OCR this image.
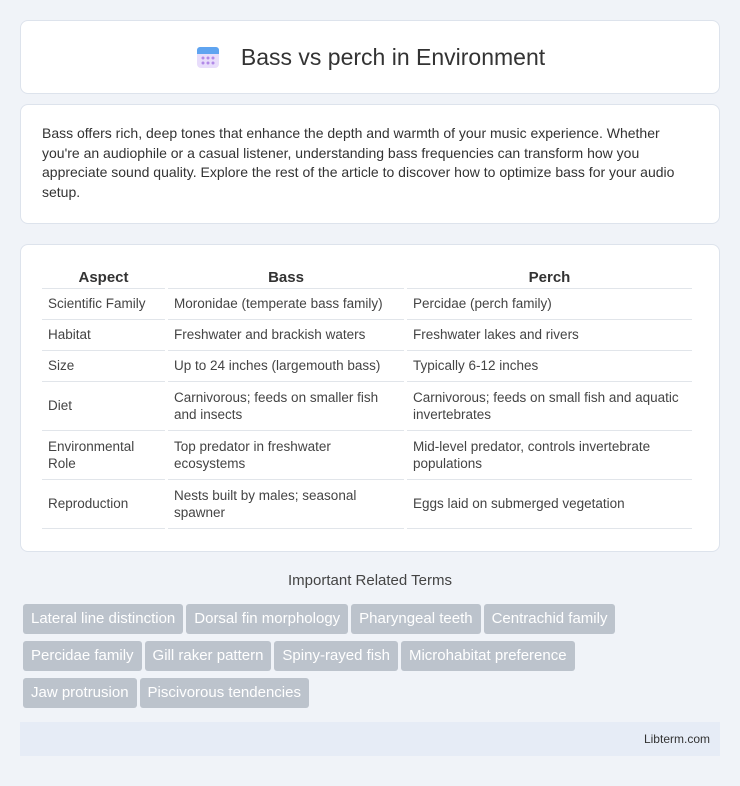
Bass vs perch in Environment

Bass offers rich, deep tones that enhance the depth and warmth of your music experience. Whether you're an audiophile or a casual listener, understanding bass frequencies can transform how you appreciate sound quality. Explore the rest of the article to discover how to optimize bass for your audio setup.

Aspect	Bass	Perch
Scientific Family	Moronidae (temperate bass family)	Percidae (perch family)
Habitat	Freshwater and brackish waters	Freshwater lakes and rivers
Size	Up to 24 inches (largemouth bass)	Typically 6-12 inches
Diet	Carnivorous; feeds on smaller fish and insects	Carnivorous; feeds on small fish and aquatic invertebrates
Environmental Role	Top predator in freshwater ecosystems	Mid-level predator, controls invertebrate populations
Reproduction	Nests built by males; seasonal spawner	Eggs laid on submerged vegetation
Important Related Terms
Lateral line distinction Dorsal fin morphology Pharyngeal teeth Centrachid family
Percidae family Gill raker pattern Spiny-rayed fish Microhabitat preference
Jaw protrusion Piscivorous tendencies
Libterm.com
